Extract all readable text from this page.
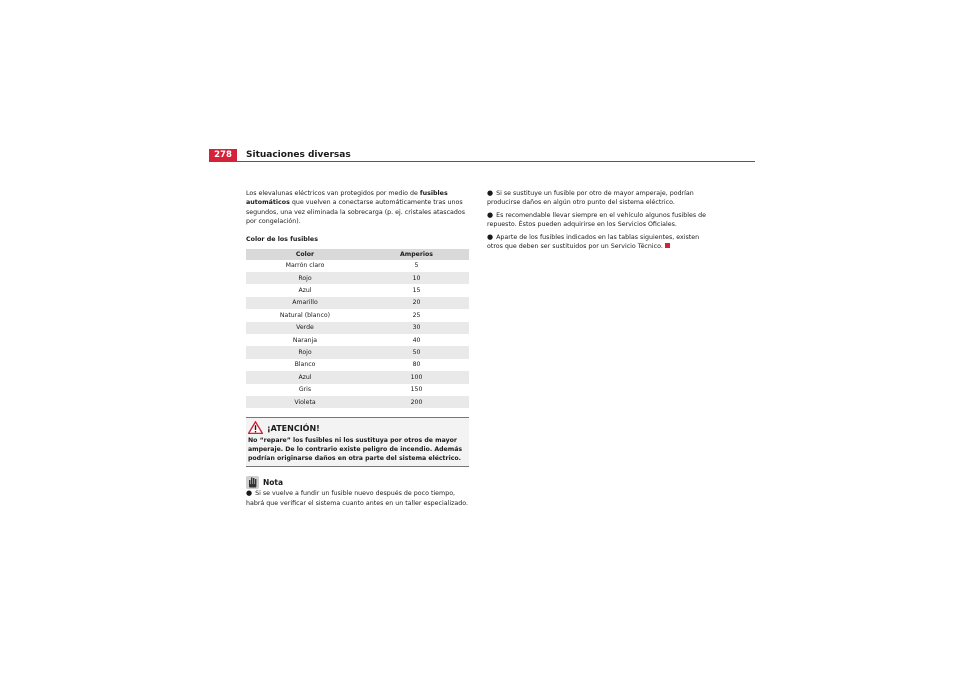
278	Situaciones diversas

Los elevalunas eléctricos van protegidos por medio de fusibles automáticos que vuelven a conectarse automáticamente tras unos segundos, una vez eliminada la sobrecarga (p. ej. cristales atascados por congelación).

Color de los fusibles
Color	Amperios
Marrón claro	5
Rojo	10
Azul	15
Amarillo	20
Natural (blanco)	25
Verde	30
Naranja	40
Rojo	50
Blanco	80
Azul	100
Gris	150
Violeta	200
¡ATENCIÓN!
No “repare” los fusibles ni los sustituya por otros de mayor amperaje. De lo contrario existe peligro de incendio. Además podrían originarse daños en otra parte del sistema eléctrico.
Nota

● Si se vuelve a fundir un fusible nuevo después de poco tiempo, habrá que verificar el sistema cuanto antes en un taller especializado.

● Si se sustituye un fusible por otro de mayor amperaje, podrían producirse daños en algún otro punto del sistema eléctrico.

● Es recomendable llevar siempre en el vehículo algunos fusibles de repuesto. Éstos pueden adquirirse en los Servicios Oficiales.

● Aparte de los fusibles indicados en las tablas siguientes, existen otros que deben ser sustituidos por un Servicio Técnico.
